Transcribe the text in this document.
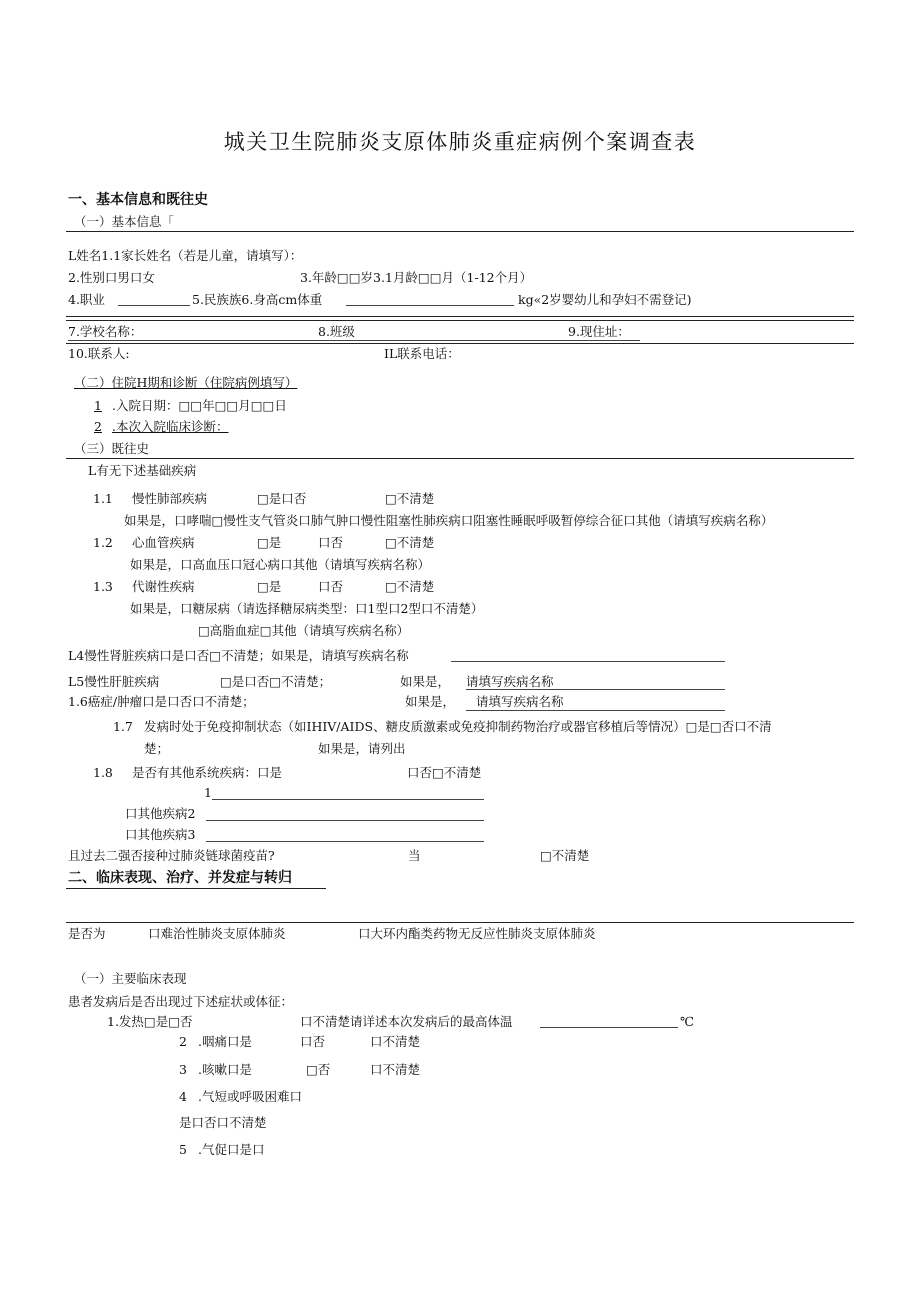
城关卫生院肺炎支原体肺炎重症病例个案调查表
一、基本信息和既往史
（一）基本信息「
L姓名1.1家长姓名（若是儿童，请填写）：
2.性别口男口女	3.年龄□□岁3.1月龄□□月（1-12个月）
4.职业	5.民族族6.身高cm体重	kg«2岁婴幼儿和孕妇不需登记)
7.学校名称：	8.班级	9.现住址：
10.联系人:	IL联系电话：
（二）住院H期和诊断（住院病例填写）
1 .入院日期：□□年□□月□□日
2 .本次入院临床诊断：
（三）既往史
L有无下述基础疾病
1.1 慢性肺部疾病	□是口否	□不清楚
如果是，口哮喘□慢性支气管炎口肺气肿口慢性阻塞性肺疾病口阻塞性睡眠呼吸暂停综合征口其他（请填写疾病名称）
1.2 心血管疾病	□是	口否	□不清楚
如果是，口高血压口冠心病口其他（请填写疾病名称）
1.3 代谢性疾病	□是	口否	□不清楚
如果是，口糖尿病（请选择糖尿病类型：口1型口2型口不清楚）
□高脂血症□其他（请填写疾病名称）
L4慢性肾脏疾病口是口否□不清楚；如果是，请填写疾病名称
L5慢性肝脏疾病	□是口否□不清楚；	如果是， 请填写疾病名称
1.6癌症/肿瘤口是口否口不清楚；	如果是， 请填写疾病名称
1.7 发病时处于免疫抑制状态（如IHIV/AIDS、糖皮质激素或免疫抑制药物治疗或器官移植后等情况）□是□否口不清
楚；	如果是，请列出
1.8 是否有其他系统疾病：口是	口否□不清楚
1
口其他疾病2
口其他疾病3
且过去二强否接种过肺炎链球菌疫苗?	当	□不清楚
二、临床表现、治疗、并发症与转归
是否为	口难治性肺炎支原体肺炎	口大环内酯类药物无反应性肺炎支原体肺炎
（一）主要临床表现
患者发病后是否出现过下述症状或体征：
1.发热□是□否	口不清楚请详述本次发病后的最高体温	℃
2 .咽痛口是	口否	口不清楚
3 .咳嗽口是	□否	口不清楚
4 .气短或呼吸困难口
是口否口不清楚
5 .气促口是口
